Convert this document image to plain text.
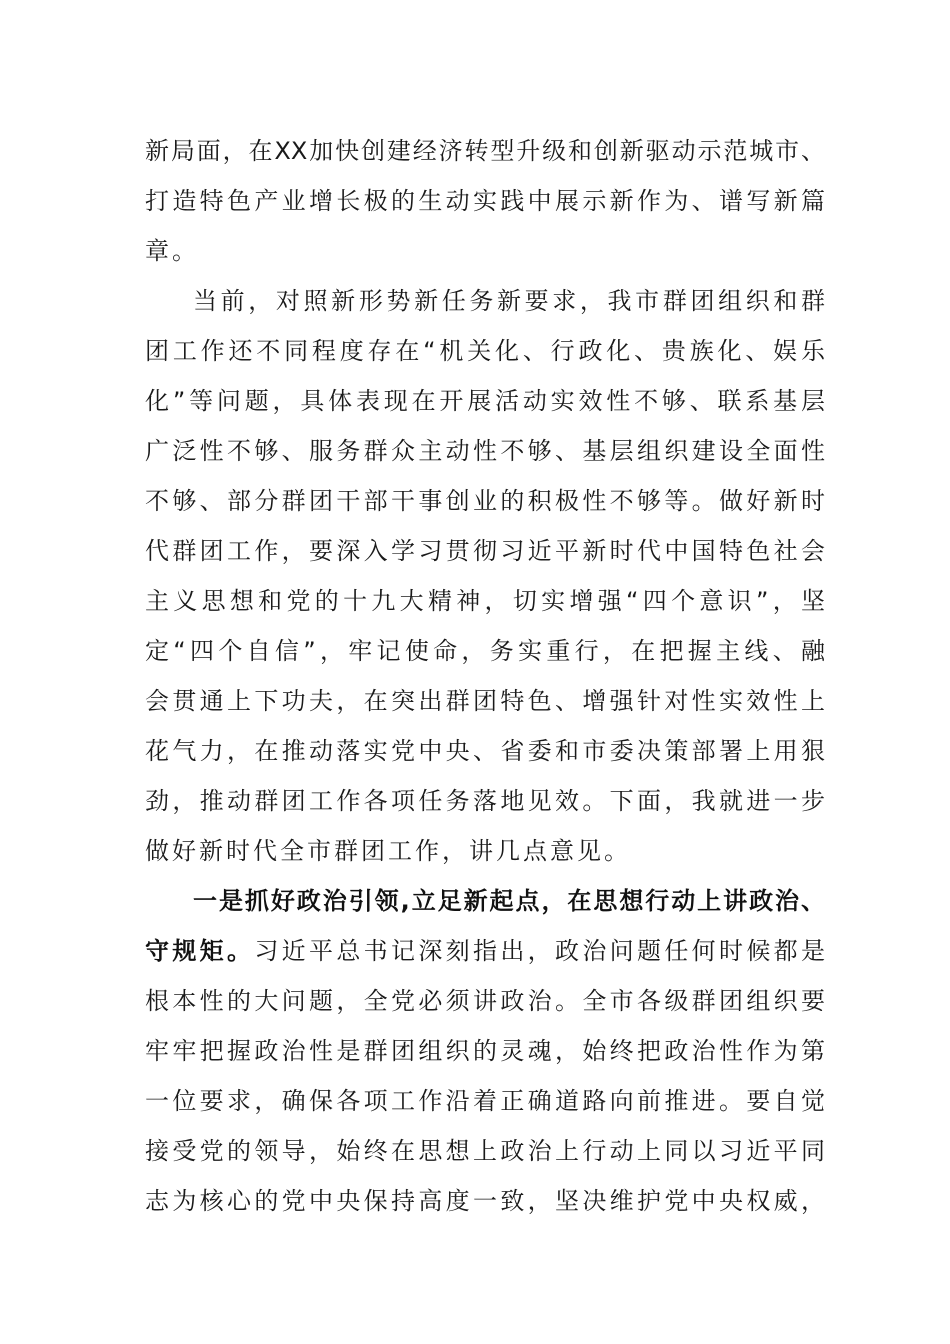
新局面，在XX加快创建经济转型升级和创新驱动示范城市、
打造特色产业增长极的生动实践中展示新作为、谱写新篇
章。
当前，对照新形势新任务新要求，我市群团组织和群
团工作还不同程度存在“机关化、行政化、贵族化、娱乐
化”等问题，具体表现在开展活动实效性不够、联系基层
广泛性不够、服务群众主动性不够、基层组织建设全面性
不够、部分群团干部干事创业的积极性不够等。做好新时
代群团工作，要深入学习贯彻习近平新时代中国特色社会
主义思想和党的十九大精神，切实增强“四个意识”，坚
定“四个自信”，牢记使命，务实重行，在把握主线、融
会贯通上下功夫，在突出群团特色、增强针对性实效性上
花气力，在推动落实党中央、省委和市委决策部署上用狠
劲，推动群团工作各项任务落地见效。下面，我就进一步
做好新时代全市群团工作，讲几点意见。
一是抓好政治引领,立足新起点，在思想行动上讲政治、
守规矩。习近平总书记深刻指出，政治问题任何时候都是
根本性的大问题，全党必须讲政治。全市各级群团组织要
牢牢把握政治性是群团组织的灵魂，始终把政治性作为第
一位要求，确保各项工作沿着正确道路向前推进。要自觉
接受党的领导，始终在思想上政治上行动上同以习近平同
志为核心的党中央保持高度一致，坚决维护党中央权威，
